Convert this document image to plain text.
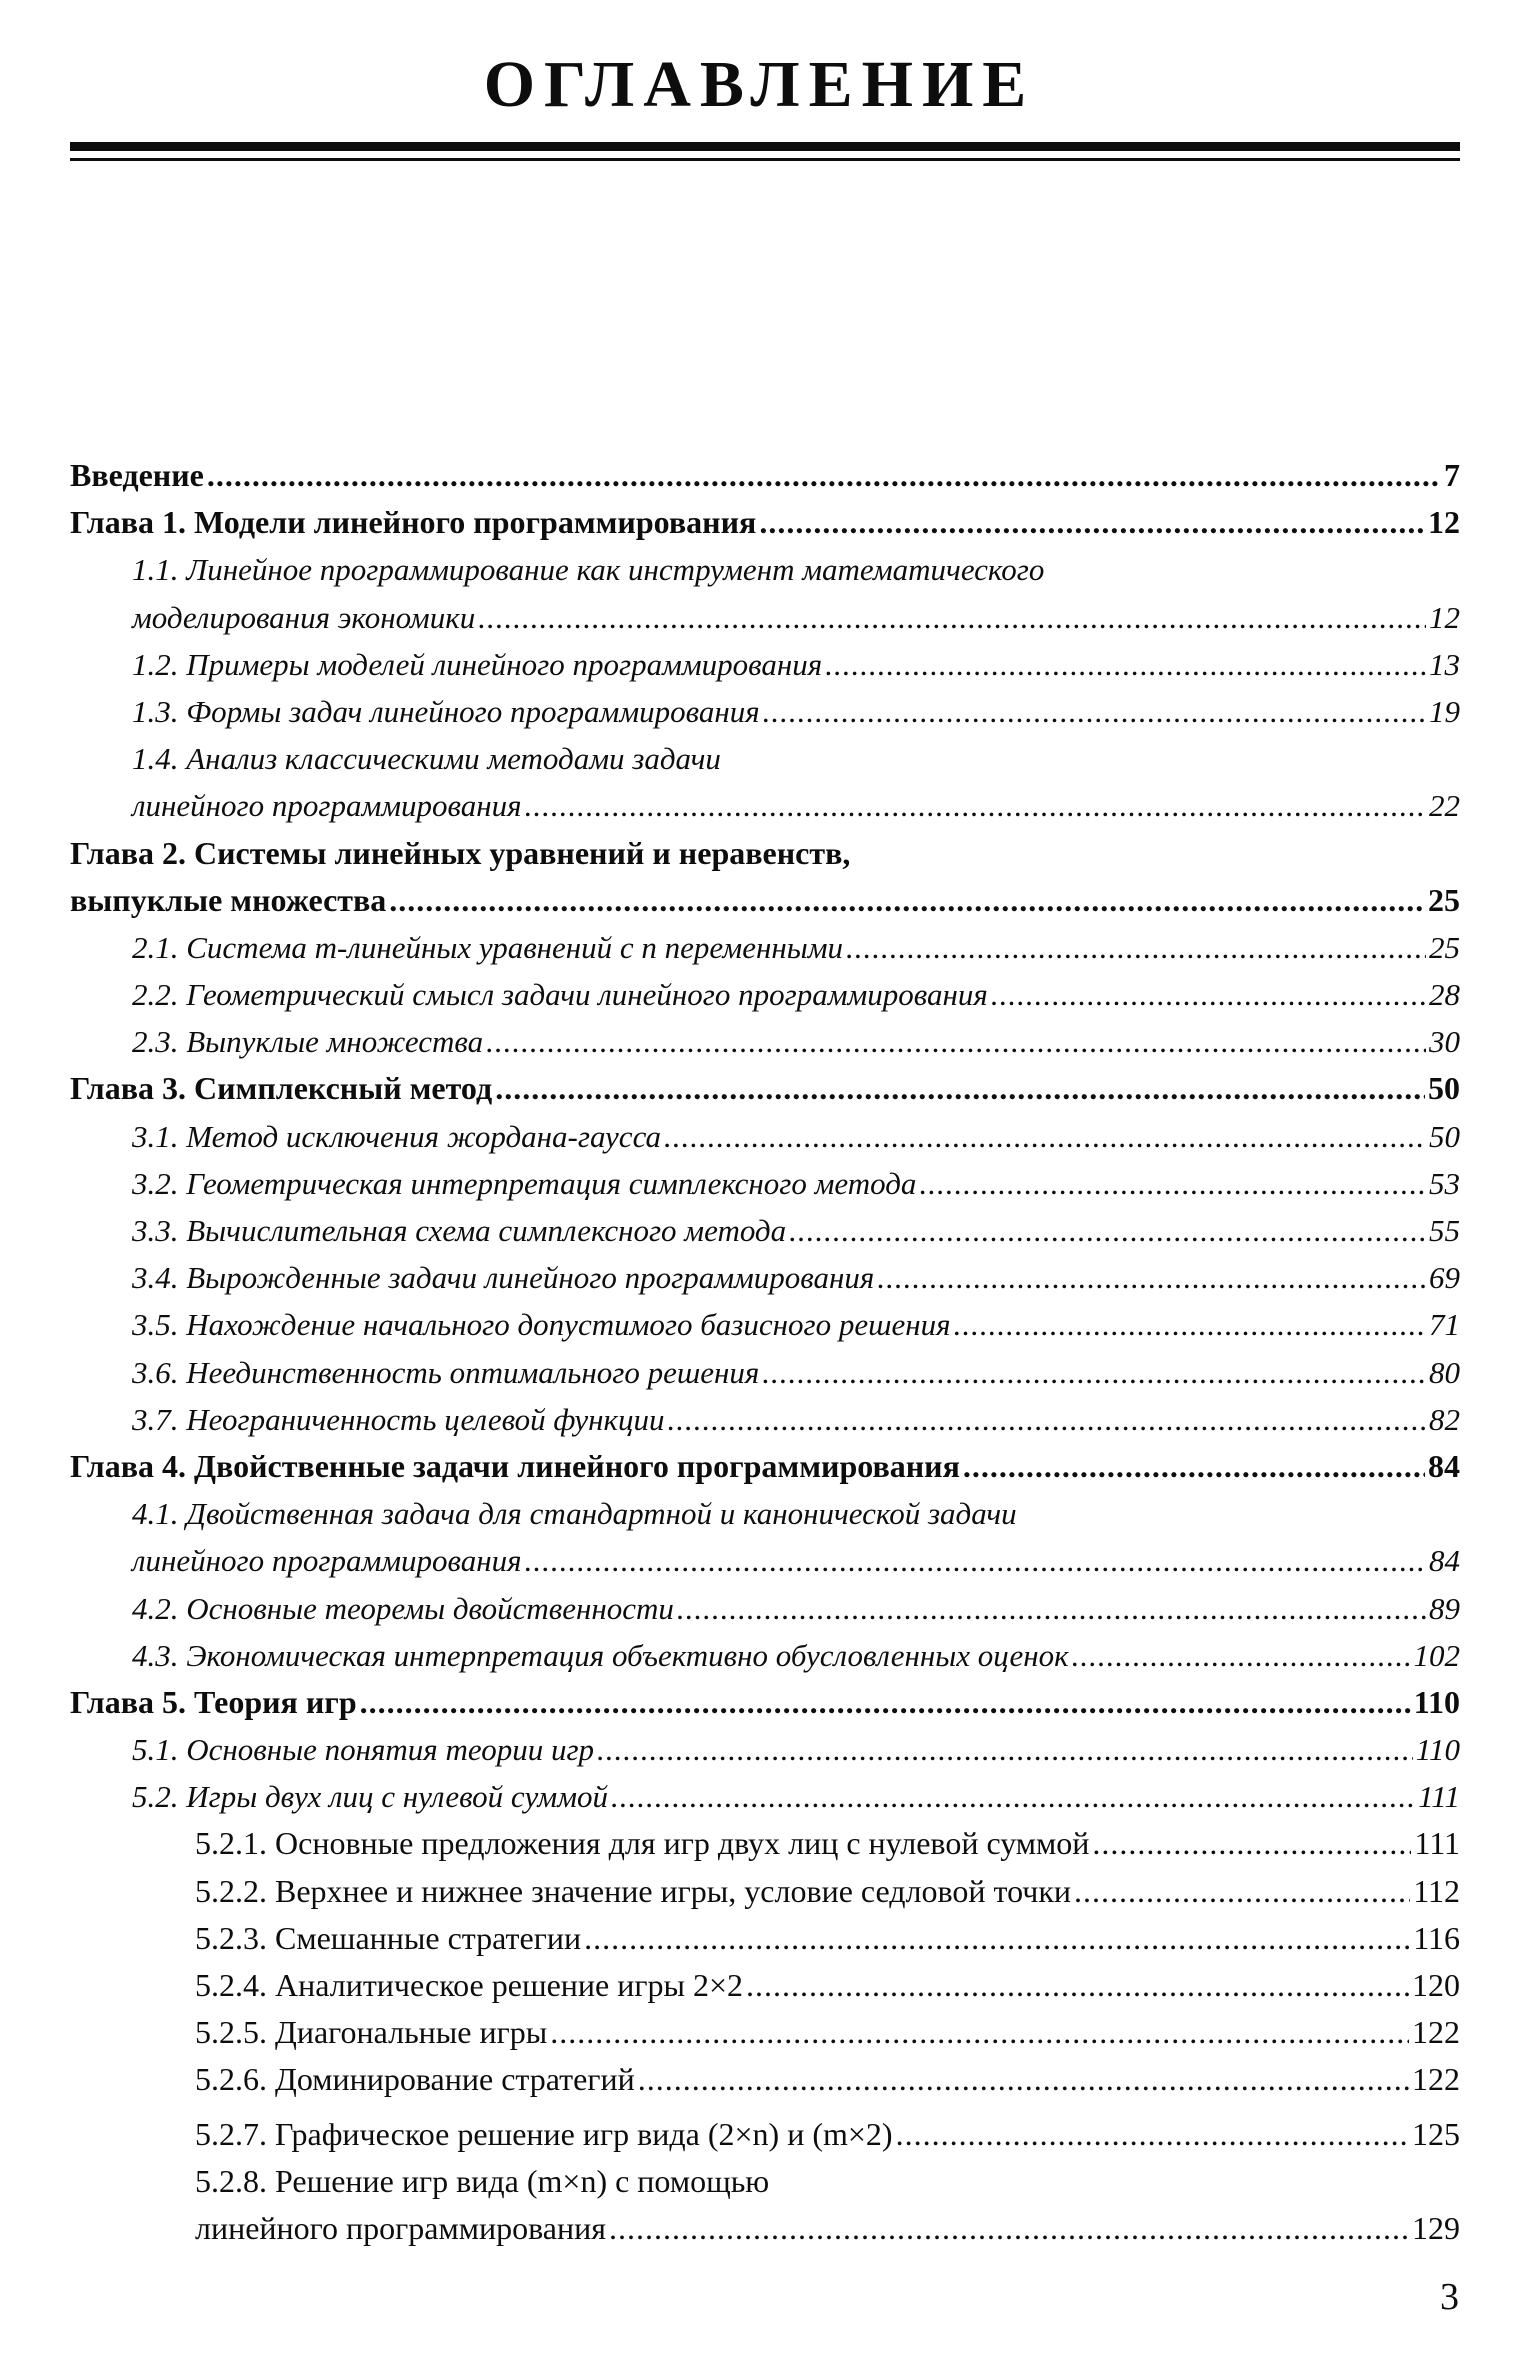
ОГЛАВЛЕНИЕ
Введение .....	7
Глава 1. Модели линейного программирования .....	12
1.1. Линейное программирование как инструмент математического
моделирования экономики .....	12
1.2. Примеры моделей линейного программирования .....	13
1.3. Формы задач линейного программирования .....	19
1.4. Анализ классическими методами задачи
линейного программирования .....	22
Глава 2. Системы линейных уравнений и неравенств,
выпуклые множества .....	25
2.1. Система m-линейных уравнений с n переменными .....	25
2.2. Геометрический смысл задачи линейного программирования .....	28
2.3. Выпуклые множества .....	30
Глава 3. Симплексный метод .....	50
3.1. Метод исключения жордана-гаусса .....	50
3.2. Геометрическая интерпретация симплексного метода .....	53
3.3. Вычислительная схема симплексного метода .....	55
3.4. Вырожденные задачи линейного программирования .....	69
3.5. Нахождение начального допустимого базисного решения .....	71
3.6. Неединственность оптимального решения .....	80
3.7. Неограниченность целевой функции .....	82
Глава 4. Двойственные задачи линейного программирования .....	84
4.1. Двойственная задача для стандартной и канонической задачи
линейного программирования .....	84
4.2. Основные теоремы двойственности .....	89
4.3. Экономическая интерпретация объективно обусловленных оценок .....	102
Глава 5. Теория игр .....	110
5.1. Основные понятия теории игр .....	110
5.2. Игры двух лиц с нулевой суммой .....	111
5.2.1. Основные предложения для игр двух лиц с нулевой суммой .....	111
5.2.2. Верхнее и нижнее значение игры, условие седловой точки .....	112
5.2.3. Смешанные стратегии .....	116
5.2.4. Аналитическое решение игры 2×2 .....	120
5.2.5. Диагональные игры .....	122
5.2.6. Доминирование стратегий .....	122
5.2.7. Графическое решение игр вида (2×n) и (m×2) .....	125
5.2.8. Решение игр вида (m×n) с помощью
линейного программирования .....	129
3
